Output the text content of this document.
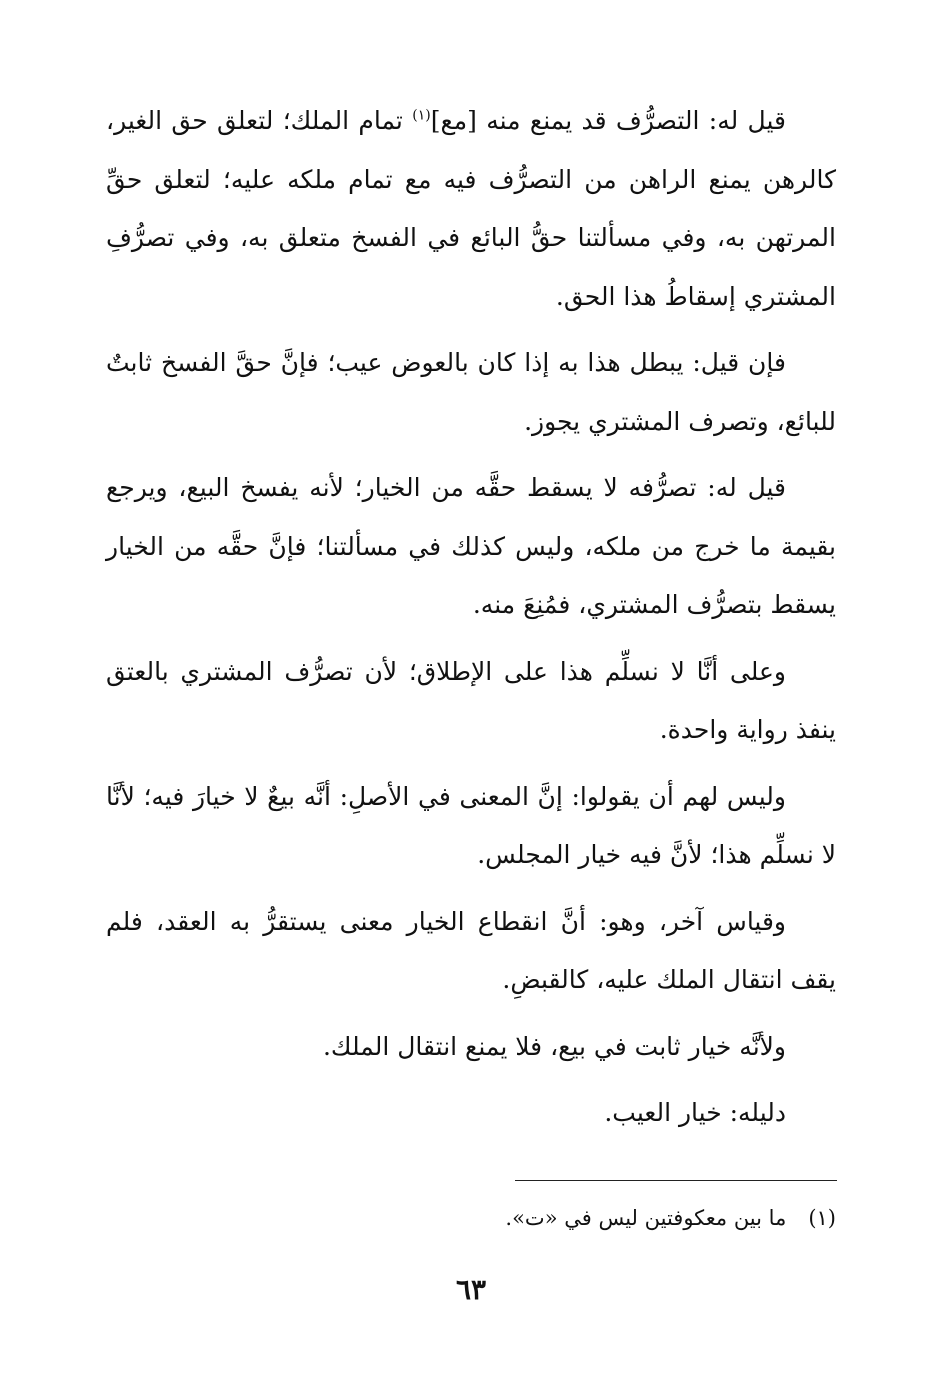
قيل له: التصرُّف قد يمنع منه [مع]$^{(١)}$ تمام الملك؛ لتعلق حق الغير، كالرهن يمنع الراهن من التصرُّف فيه مع تمام ملكه عليه؛ لتعلق حقِّ المرتهن به، وفي مسألتنا حقُّ البائع في الفسخ متعلق به، وفي تصرُّفِ المشتري إسقاطُ هذا الحق.

فإن قيل: يبطل هذا به إذا كان بالعوض عيب؛ فإنَّ حقَّ الفسخ ثابتٌ للبائع، وتصرف المشتري يجوز.

قيل له: تصرُّفه لا يسقط حقَّه من الخيار؛ لأنه يفسخ البيع، ويرجع بقيمة ما خرج من ملكه، وليس كذلك في مسألتنا؛ فإنَّ حقَّه من الخيار يسقط بتصرُّف المشتري، فمُنِعَ منه.

وعلى أنَّا لا نسلِّم هذا على الإطلاق؛ لأن تصرُّف المشتري بالعتق ينفذ رواية واحدة.

وليس لهم أن يقولوا: إنَّ المعنى في الأصلِ: أنَّه بيعٌ لا خيارَ فيه؛ لأنَّا لا نسلِّم هذا؛ لأنَّ فيه خيار المجلس.

وقياس آخر، وهو: أنَّ انقطاع الخيار معنى يستقرُّ به العقد، فلم يقف انتقال الملك عليه، كالقبضِ.

ولأنَّه خيار ثابت في بيع، فلا يمنع انتقال الملك.

دليله: خيار العيب.

(١)ما بين معكوفتين ليس في «ت».
٦٣
